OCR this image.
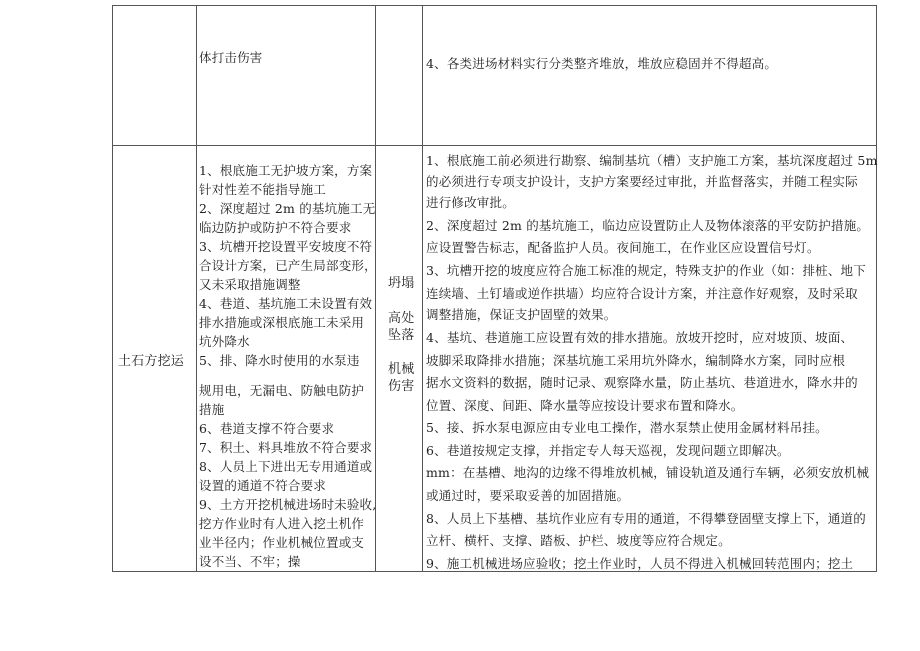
体打击伤害	4、各类进场材料实行分类整齐堆放，堆放应稳固并不得超高。
土石方挖运
1、根底施工无护坡方案，方案
针对性差不能指导施工
2、深度超过 2m 的基坑施工无
临边防护或防护不符合要求
3、坑槽开挖设置平安坡度不符
合设计方案，已产生局部变形，
又未采取措施调整
4、巷道、基坑施工未设置有效
排水措施或深根底施工未采用
坑外降水
5、排、降水时使用的水泵违
规用电，无漏电、防触电防护
措施
6、巷道支撑不符合要求
7、积土、料具堆放不符合要求
8、人员上下进出无专用通道或
设置的通道不符合要求
9、土方开挖机械进场时未验收,
挖方作业时有人进入挖土机作
业半径内；作业机械位置或支
设不当、不牢；操
坍塌
高处
坠落
机械
伤害
1、根底施工前必须进行勘察、编制基坑（槽）支护施工方案，基坑深度超过 5m
的必须进行专项支护设计，支护方案要经过审批，并监督落实，并随工程实际
进行修改审批。
2、深度超过 2m 的基坑施工，临边应设置防止人及物体滚落的平安防护措施。
应设置警告标志，配备监护人员。夜间施工，在作业区应设置信号灯。
3、坑槽开挖的坡度应符合施工标准的规定，特殊支护的作业（如：排桩、地下
连续墙、土钉墙或逆作拱墙）均应符合设计方案，并注意作好观察，及时采取
调整措施，保证支护固壁的效果。
4、基坑、巷道施工应设置有效的排水措施。放坡开挖时，应对坡顶、坡面、
坡脚采取降排水措施；深基坑施工采用坑外降水，编制降水方案，同时应根
据水文资料的数据，随时记录、观察降水量，防止基坑、巷道进水，降水井的
位置、深度、间距、降水量等应按设计要求布置和降水。
5、接、拆水泵电源应由专业电工操作，潜水泵禁止使用金属材料吊挂。
6、巷道按规定支撑，并指定专人每天巡视，发现问题立即解决。
mm：在基槽、地沟的边缘不得堆放机械，铺设轨道及通行车辆，必须安放机械
或通过时，要采取妥善的加固措施。
8、人员上下基槽、基坑作业应有专用的通道，不得攀登固壁支撑上下，通道的
立杆、横杆、支撑、踏板、护栏、坡度等应符合规定。
9、施工机械进场应验收；挖土作业时，人员不得进入机械回转范围内；挖土
